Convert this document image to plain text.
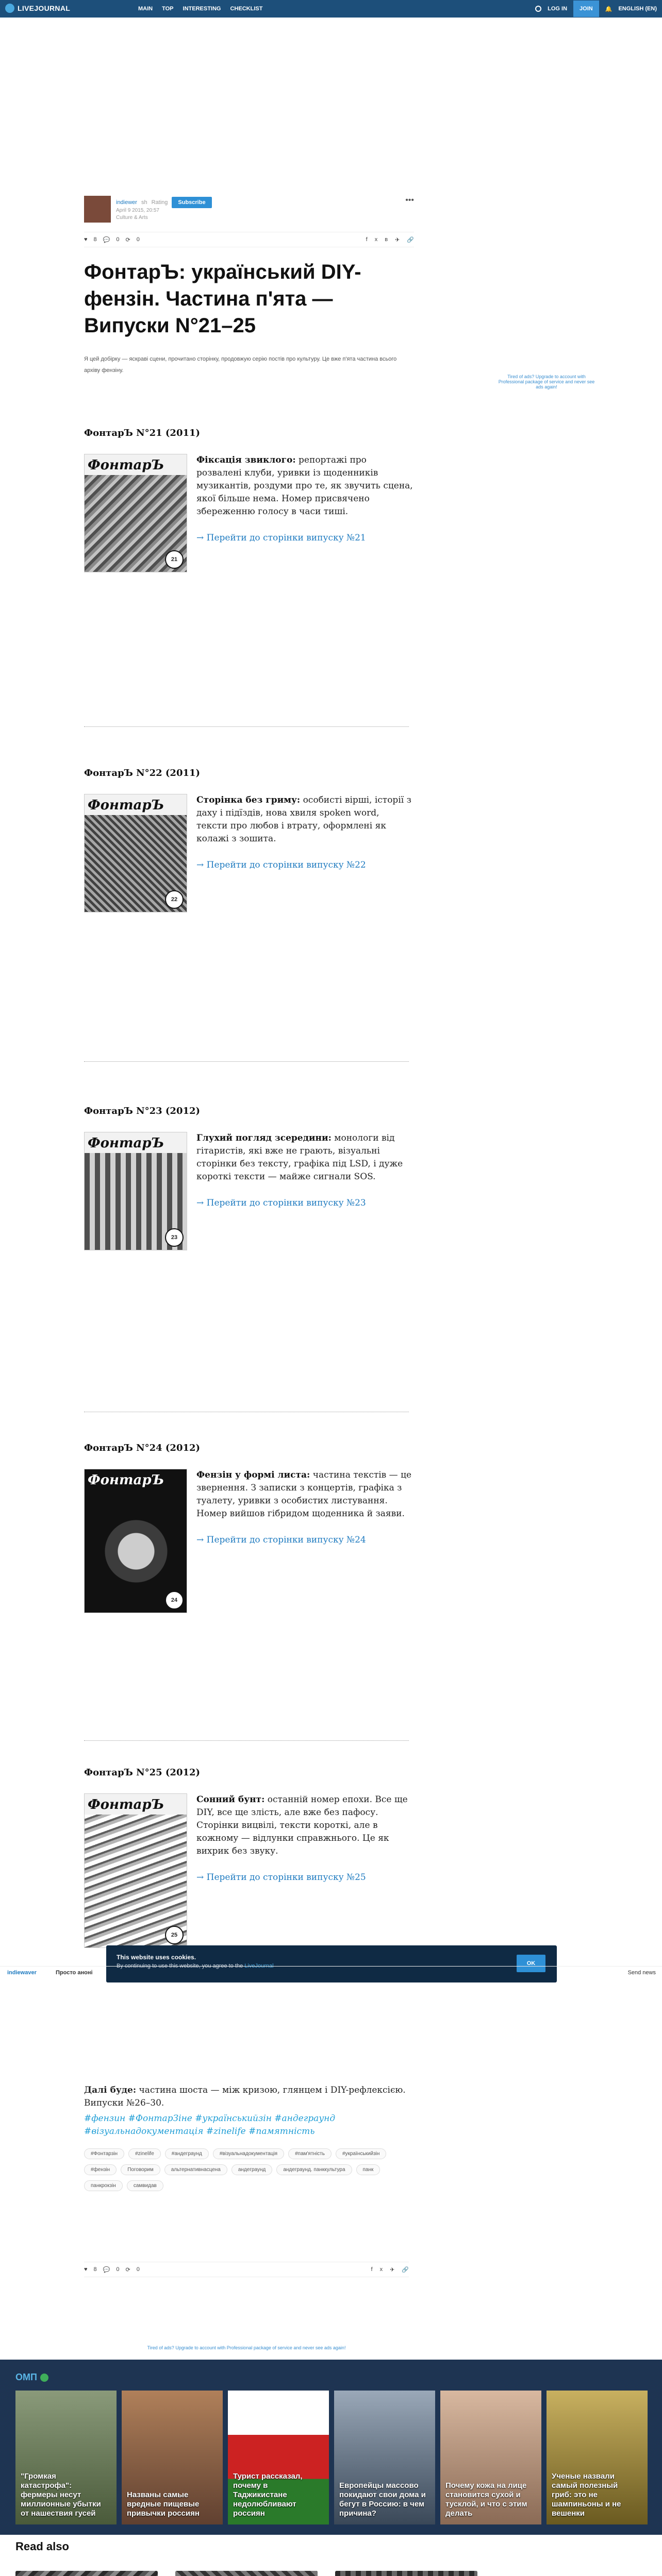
LIVEJOURNAL	MAIN TOP INTERESTING CHECKLIST	LOG IN	JOIN	🔔 ENGLISH (EN)
Tired of ads? Upgrade to account with Professional package of service and never see ads again!
indiewer sh Rating	Subscribe
April 9 2015, 20:57
Culture & Arts
•••
♥ 8 💬 0 ⟳ 0	f x в ✈ 🔗
ФонтарЪ: український DIY-фензін. Частина п'ята — Випуски N°21–25

Я цей добірку — яскраві сцени, прочитано сторінку, продовжую серію постів про культуру. Це вже п'ята частина всього архіву фензіну.

ФонтарЪ N°21 (2011)
ФонтарЪ
21
Фіксація звиклого: репортажі про розвалені клуби, уривки із щоденників музикантів, роздуми про те, як звучить сцена, якої більше нема. Номер присвячено збереженню голосу в часи тиші.
→ Перейти до сторінки випуску №21
ФонтарЪ N°22 (2011)
ФонтарЪ
22
Сторінка без гриму: особисті віршi, історії з даху і підїздів, нова хвиля spoken word, тексти про любов і втрату, оформлені як колажі з зошита.
→ Перейти до сторінки випуску №22
ФонтарЪ N°23 (2012)
ФонтарЪ
23
Глухий погляд зсередини: монологи від гітаристів, які вже не грають, візуальні сторінки без тексту, графіка під LSD, і дуже короткі тексти — майже сигнали SOS.
→ Перейти до сторінки випуску №23
ФонтарЪ N°24 (2012)
ФонтарЪ
24
Фензін у формі листа: частина текстів — це звернення. З записки з концертів, графіка з туалету, уривки з особистих листування. Номер вийшов гібридом щоденника й заяви.
→ Перейти до сторінки випуску №24
ФонтарЪ N°25 (2012)
ФонтарЪ
25
Сонний бунт: останній номер епохи. Все ще DIY, все ще злість, але вже без пафосу. Сторінки вицвілі, тексти короткі, але в кожному — відлунки справжнього. Це як вихрик без звуку.
→ Перейти до сторінки випуску №25
This website uses cookies.
By continuing to use this website, you agree to the LiveJournal	OK
indiewaver	Просто аноні	Send news
Далі буде: частина шоста — між кризою, глянцем і DIY-рефлексією. Випуски №26–30.
#фензин #ФонтарЗіне #українськийзін #андеграунд #візуальнадокументація #zinelife #памятність
#Фонтарзін	#zinelife	#андеграунд	#візуальнадокументація	#пам'ятність	#українськийзін
#фензін	Поговорим	альтернативнасцена	андеграунд	андеграунд. панккультура	панк
панкрокзін	самвидав
♥ 8 💬 0 ⟳ 0	f x ✈ 🔗
Tired of ads? Upgrade to account with Professional package of service and never see ads again!
ОМП
"Громкая катастрофа": фермеры несут миллионные убытки от нашествия гусей
Названы самые вредные пищевые привычки россиян
Турист рассказал, почему в Таджикистане недолюбливают россиян
Европейцы массово покидают свои дома и бегут в Россию: в чем причина?
Почему кожа на лице становится сухой и тусклой, и что с этим делать
Ученые назвали самый полезный гриб: это не шампиньоны и не вешенки
Read also
